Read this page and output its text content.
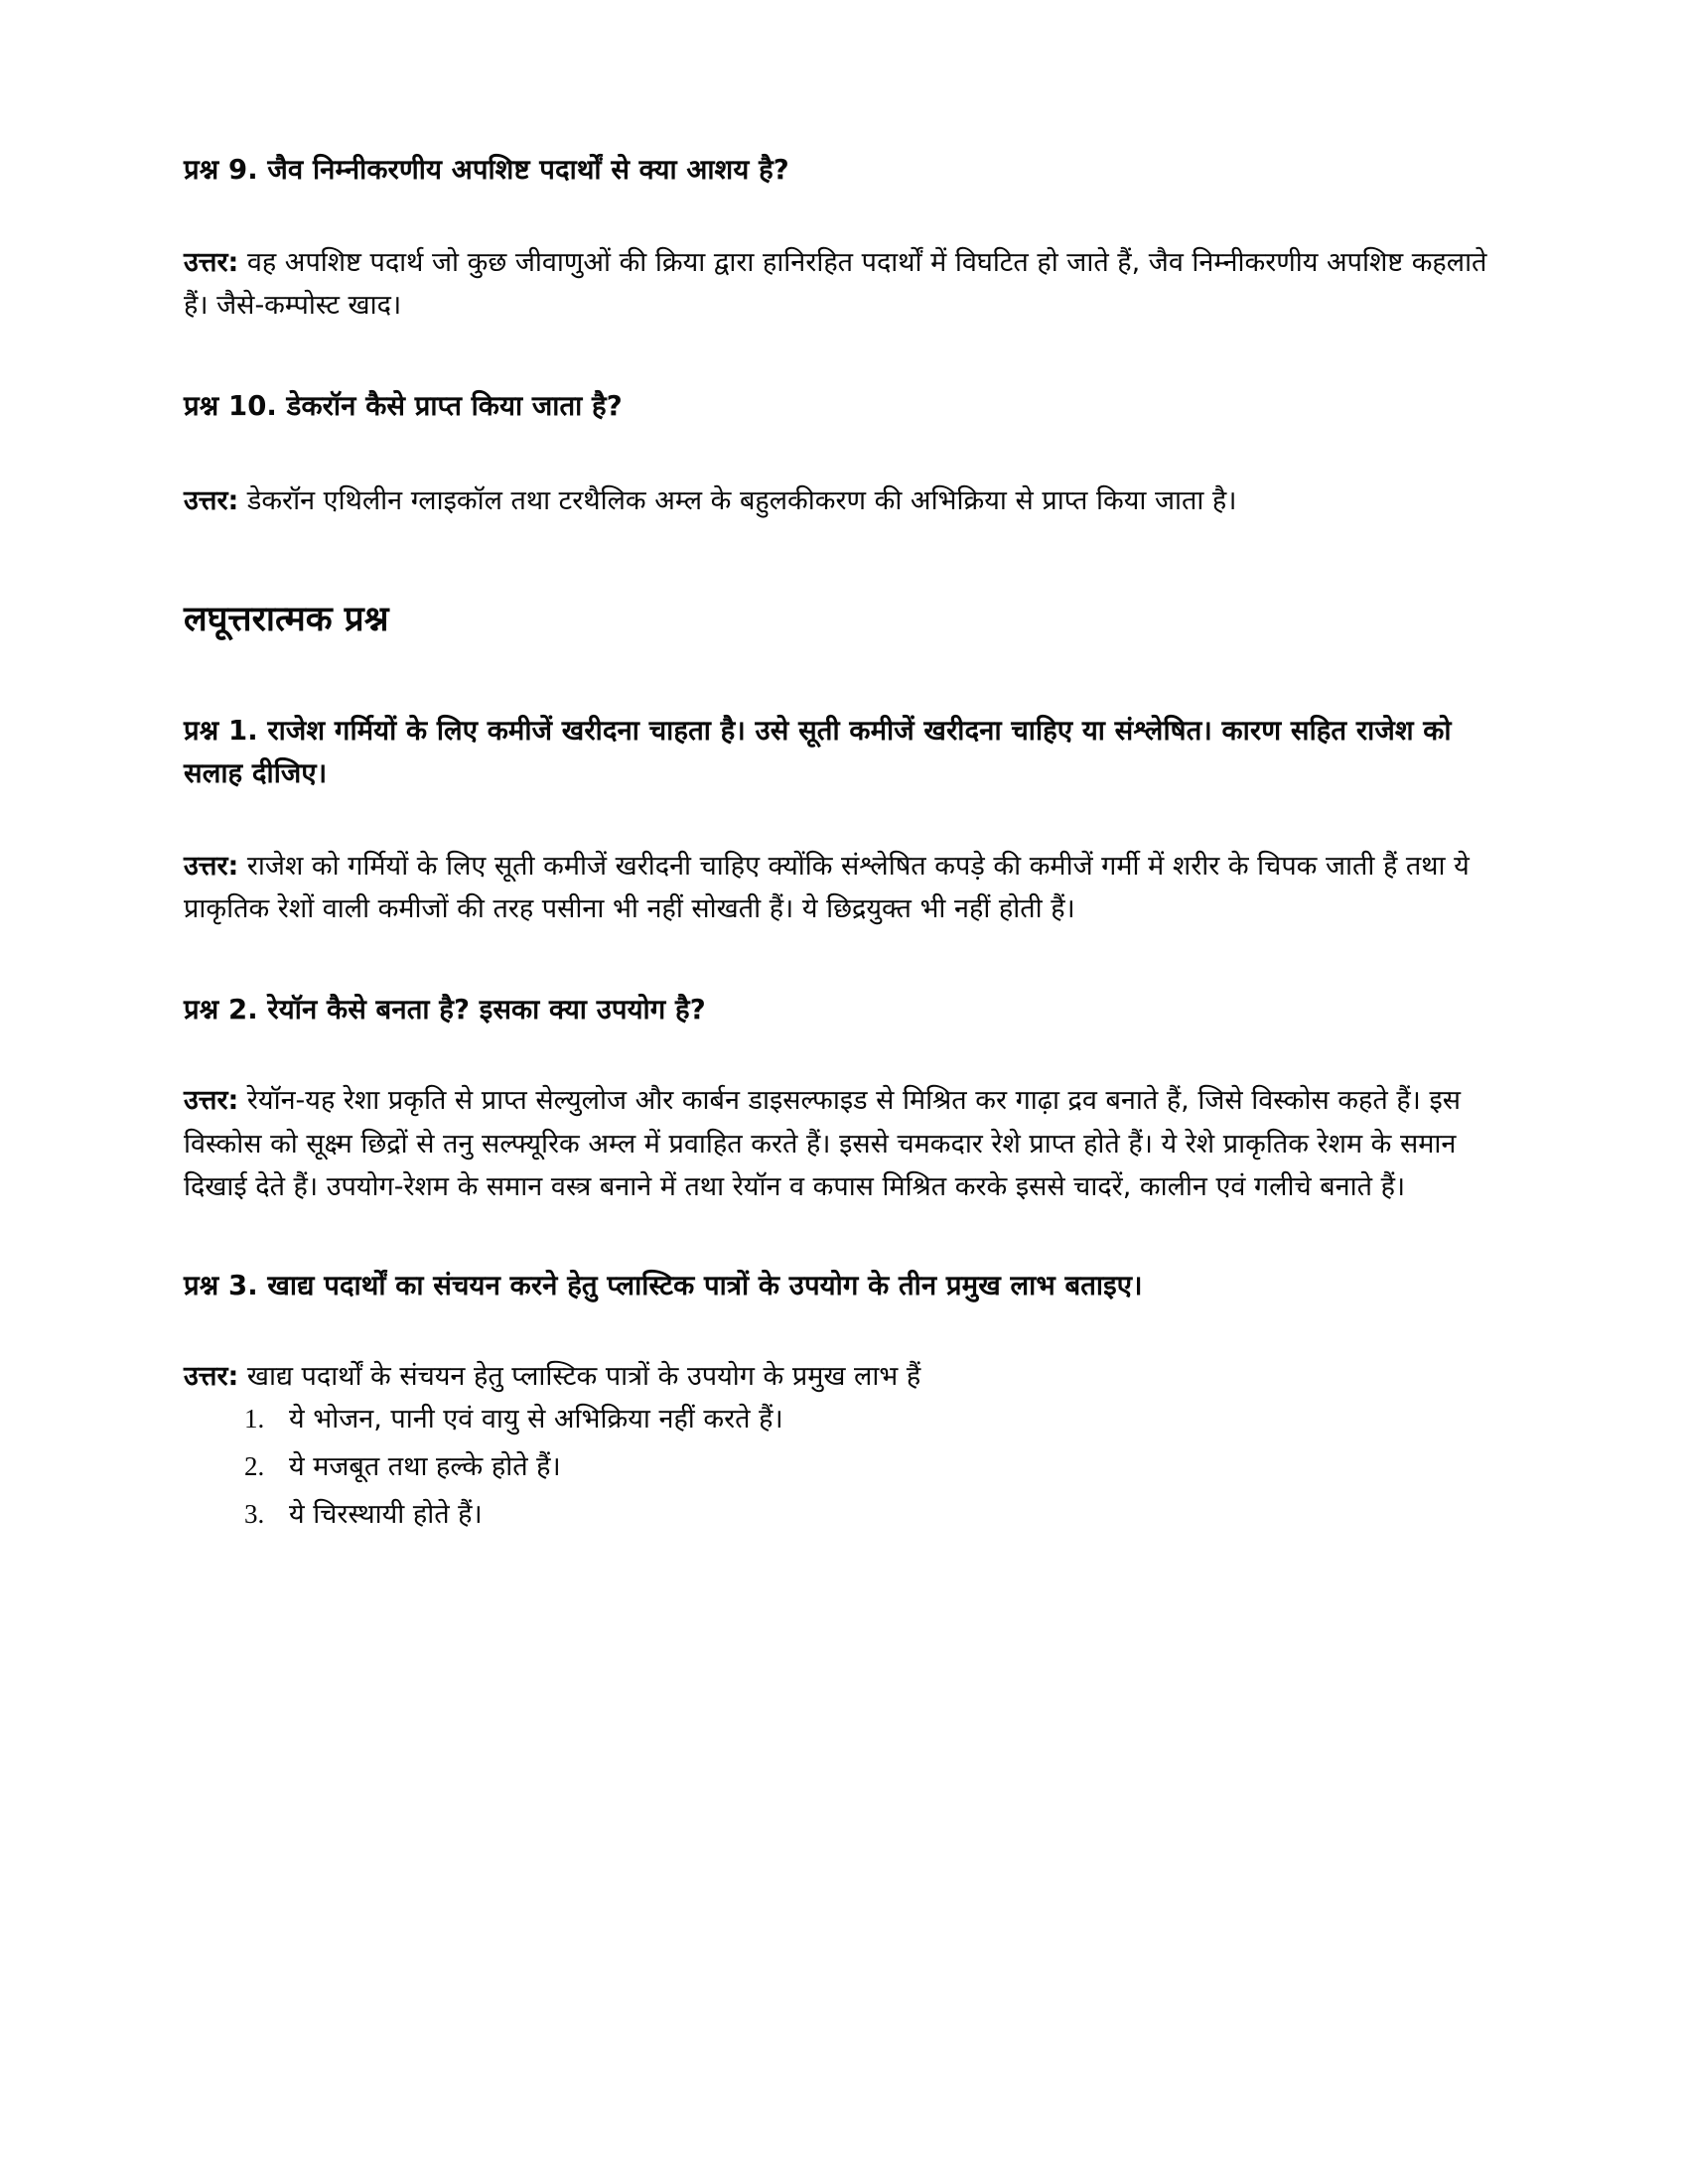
प्रश्न 9. जैव निम्नीकरणीय अपशिष्ट पदार्थों से क्या आशय है?

उत्तर: वह अपशिष्ट पदार्थ जो कुछ जीवाणुओं की क्रिया द्वारा हानिरहित पदार्थों में विघटित हो जाते हैं, जैव निम्नीकरणीय अपशिष्ट कहलाते हैं। जैसे-कम्पोस्ट खाद।

प्रश्न 10. डेकरॉन कैसे प्राप्त किया जाता है?

उत्तर: डेकरॉन एथिलीन ग्लाइकॉल तथा टरथैलिक अम्ल के बहुलकीकरण की अभिक्रिया से प्राप्त किया जाता है।

लघूत्तरात्मक प्रश्न

प्रश्न 1. राजेश गर्मियों के लिए कमीजें खरीदना चाहता है। उसे सूती कमीजें खरीदना चाहिए या संश्लेषित। कारण सहित राजेश को सलाह दीजिए।

उत्तर: राजेश को गर्मियों के लिए सूती कमीजें खरीदनी चाहिए क्योंकि संश्लेषित कपड़े की कमीजें गर्मी में शरीर के चिपक जाती हैं तथा ये प्राकृतिक रेशों वाली कमीजों की तरह पसीना भी नहीं सोखती हैं। ये छिद्रयुक्त भी नहीं होती हैं।

प्रश्न 2. रेयॉन कैसे बनता है? इसका क्या उपयोग है?

उत्तर: रेयॉन-यह रेशा प्रकृति से प्राप्त सेल्युलोज और कार्बन डाइसल्फाइड से मिश्रित कर गाढ़ा द्रव बनाते हैं, जिसे विस्कोस कहते हैं। इस विस्कोस को सूक्ष्म छिद्रों से तनु सल्फ्यूरिक अम्ल में प्रवाहित करते हैं। इससे चमकदार रेशे प्राप्त होते हैं। ये रेशे प्राकृतिक रेशम के समान दिखाई देते हैं। उपयोग-रेशम के समान वस्त्र बनाने में तथा रेयॉन व कपास मिश्रित करके इससे चादरें, कालीन एवं गलीचे बनाते हैं।

प्रश्न 3. खाद्य पदार्थों का संचयन करने हेतु प्लास्टिक पात्रों के उपयोग के तीन प्रमुख लाभ बताइए।

उत्तर: खाद्य पदार्थों के संचयन हेतु प्लास्टिक पात्रों के उपयोग के प्रमुख लाभ हैं

1. ये भोजन, पानी एवं वायु से अभिक्रिया नहीं करते हैं।
2. ये मजबूत तथा हल्के होते हैं।
3. ये चिरस्थायी होते हैं।
